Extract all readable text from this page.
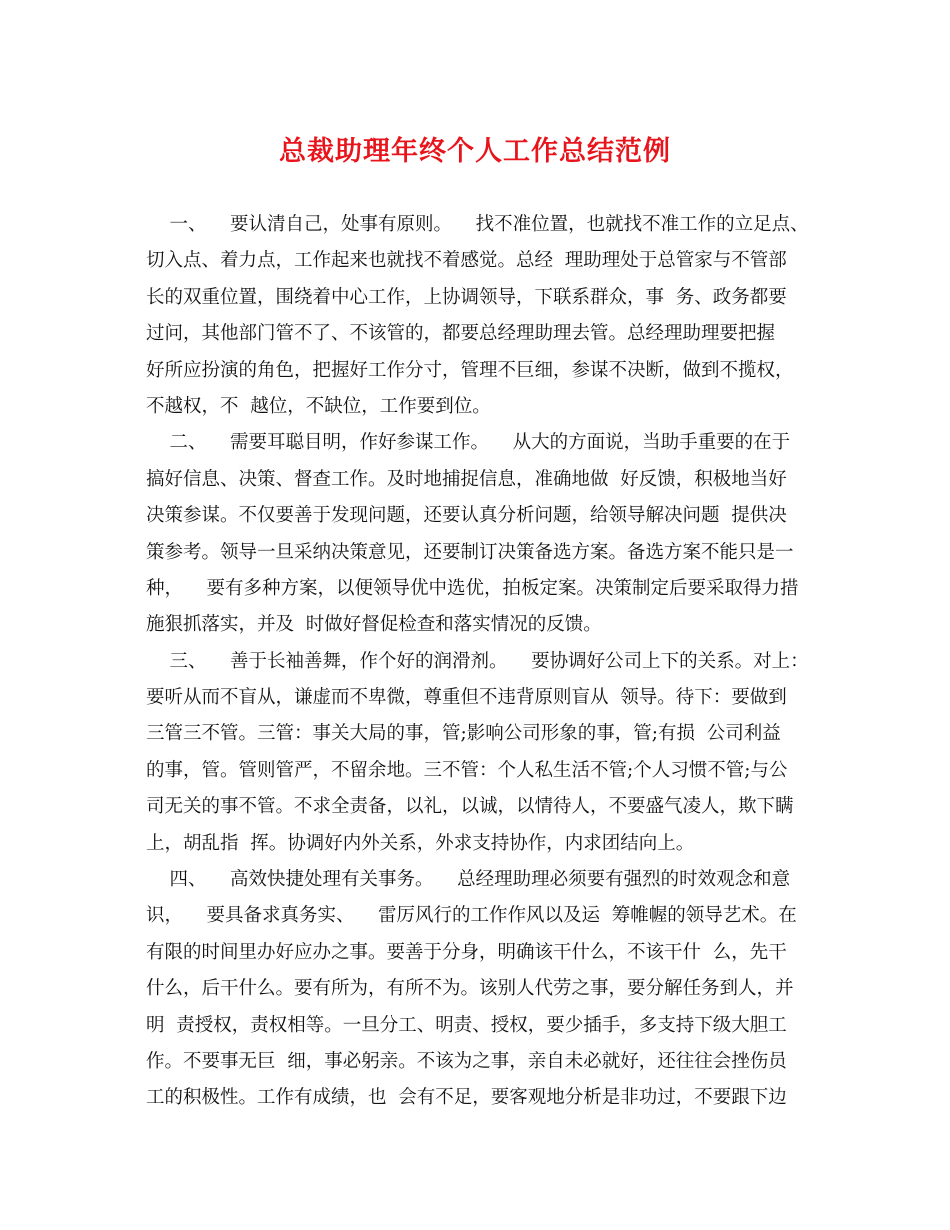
总裁助理年终个人工作总结范例
一、    要认清自己，处事有原则。    找不准位置，也就找不准工作的立足点、
切入点、着力点，工作起来也就找不着感觉。总经  理助理处于总管家与不管部
长的双重位置，围绕着中心工作，上协调领导，下联系群众，事  务、政务都要
过问，其他部门管不了、不该管的，都要总经理助理去管。总经理助理要把握
好所应扮演的角色，把握好工作分寸，管理不巨细，参谋不决断，做到不揽权，
不越权，不  越位，不缺位，工作要到位。
二、    需要耳聪目明，作好参谋工作。    从大的方面说，当助手重要的在于
搞好信息、决策、督查工作。及时地捕捉信息，准确地做  好反馈，积极地当好
决策参谋。不仅要善于发现问题，还要认真分析问题，给领导解决问题  提供决
策参考。领导一旦采纳决策意见，还要制订决策备选方案。备选方案不能只是一
种，    要有多种方案，以便领导优中选优，拍板定案。决策制定后要采取得力措
施狠抓落实，并及  时做好督促检查和落实情况的反馈。
三、    善于长袖善舞，作个好的润滑剂。    要协调好公司上下的关系。对上：
要听从而不盲从，谦虚而不卑微，尊重但不违背原则盲从  领导。待下：要做到
三管三不管。三管：事关大局的事，管;影响公司形象的事，管;有损  公司利益
的事，管。管则管严，不留余地。三不管：个人私生活不管;个人习惯不管;与公
司无关的事不管。不求全责备，以礼，以诚，以情待人，不要盛气凌人，欺下瞒
上，胡乱指  挥。协调好内外关系，外求支持协作，内求团结向上。
四、    高效快捷处理有关事务。    总经理助理必须要有强烈的时效观念和意
识，    要具备求真务实、    雷厉风行的工作作风以及运  筹帷幄的领导艺术。在
有限的时间里办好应办之事。要善于分身，明确该干什么，不该干什  么，先干
什么，后干什么。要有所为，有所不为。该别人代劳之事，要分解任务到人，并
明  责授权，责权相等。一旦分工、明责、授权，要少插手，多支持下级大胆工
作。不要事无巨  细，事必躬亲。不该为之事，亲自未必就好，还往往会挫伤员
工的积极性。工作有成绩，也  会有不足，要客观地分析是非功过，不要跟下边
